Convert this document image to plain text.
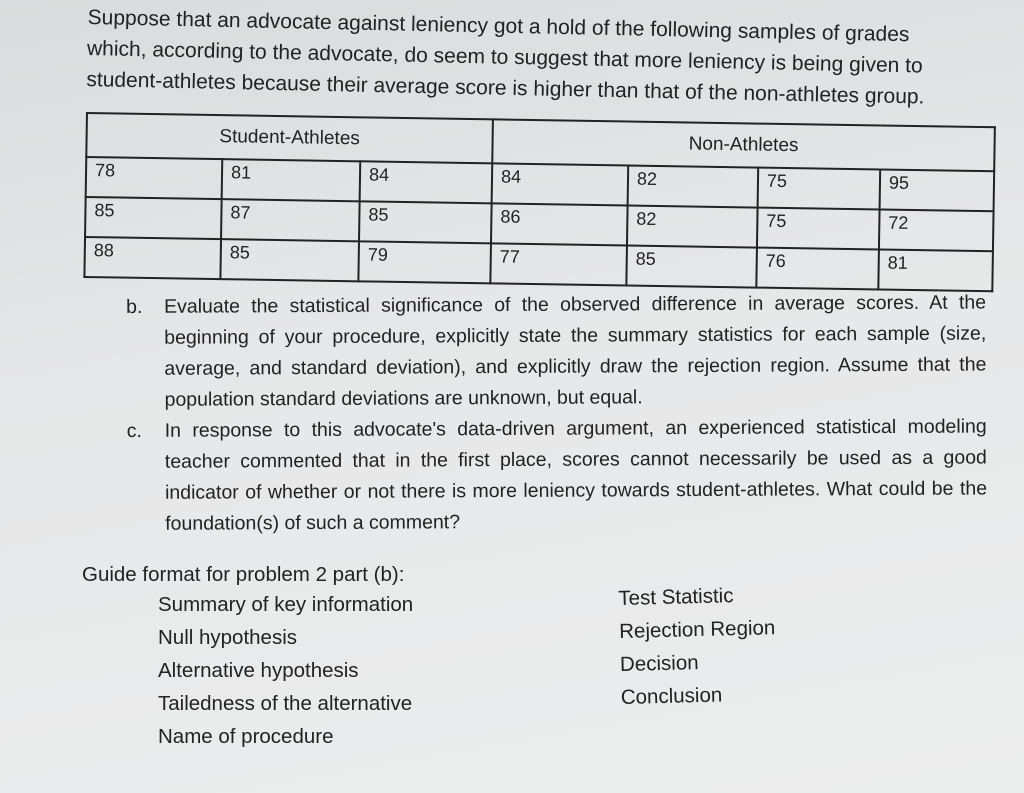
Suppose that an advocate against leniency got a hold of the following samples of grades

which, according to the advocate, do seem to suggest that more leniency is being given to

student-athletes because their average score is higher than that of the non-athletes group.

Student-Athletes			Non-Athletes			
78	81	84	84	82	75	95
85	87	85	86	82	75	72
88	85	79	77	85	76	81
b.	Evaluate the statistical significance of the observed difference in average scores. At the beginning of your procedure, explicitly state the summary statistics for each sample (size, average, and standard deviation), and explicitly draw the rejection region. Assume that the population standard deviations are unknown, but equal.
c.	In response to this advocate's data-driven argument, an experienced statistical modeling teacher commented that in the first place, scores cannot necessarily be used as a good indicator of whether or not there is more leniency towards student-athletes. What could be the foundation(s) of such a comment?
Guide format for problem 2 part (b):
Summary of key information
Null hypothesis
Alternative hypothesis
Tailedness of the alternative
Name of procedure
Test Statistic
Rejection Region
Decision
Conclusion
